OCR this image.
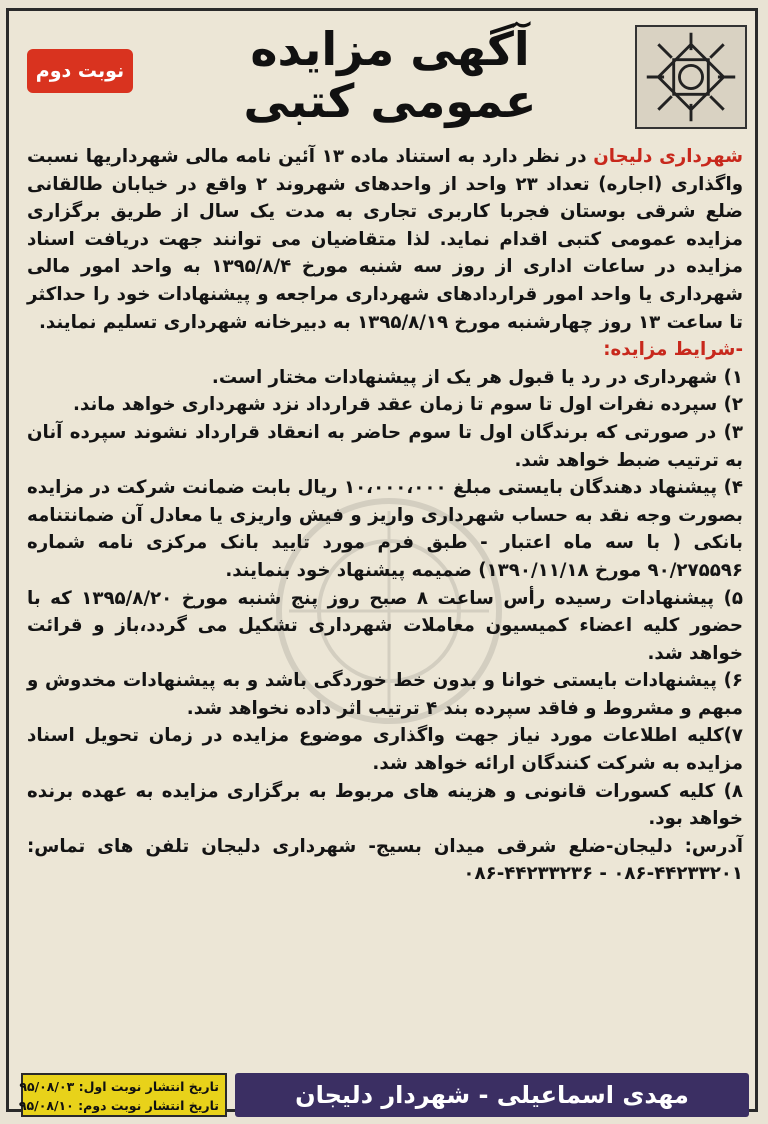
نوبت دوم	آگهی مزایده
عمومی کتبی

شهرداری دلیجان در نظر دارد به استناد ماده ۱۳ آئین نامه مالی شهرداریها نسبت واگذاری (اجاره) تعداد ۲۳ واحد از واحدهای شهروند ۲ واقع در خیابان طالقانی ضلع شرقی بوستان فجربا کاربری تجاری به مدت یک سال از طریق برگزاری مزایده عمومی کتبی اقدام نماید. لذا متقاضیان می توانند جهت دریافت اسناد مزایده در ساعات اداری از روز سه شنبه مورخ ۱۳۹۵/۸/۴ به واحد امور مالی شهرداری یا واحد امور قراردادهای شهرداری مراجعه و پیشنهادات خود را حداکثر تا ساعت ۱۳ روز چهارشنبه مورخ ۱۳۹۵/۸/۱۹ به دبیرخانه شهرداری تسلیم نمایند.

-شرایط مزایده:

۱) شهرداری در رد یا قبول هر یک از پیشنهادات مختار است.

۲) سپرده نفرات اول تا سوم تا زمان عقد قرارداد نزد شهرداری خواهد ماند.

۳) در صورتی که برندگان اول تا سوم حاضر به انعقاد قرارداد نشوند سپرده آنان به ترتیب ضبط خواهد شد.

۴) پیشنهاد دهندگان بایستی مبلغ ۱۰،۰۰۰،۰۰۰ ریال بابت ضمانت شرکت در مزایده بصورت وجه نقد به حساب شهرداری واریز و فیش واریزی یا معادل آن ضمانتنامه بانکی ( با سه ماه اعتبار - طبق فرم مورد تایید بانک مرکزی نامه شماره ۹۰/۲۷۵۵۹۶ مورخ ۱۳۹۰/۱۱/۱۸) ضمیمه پیشنهاد خود بنمایند.

۵) پیشنهادات رسیده رأس ساعت ۸ صبح روز پنج شنبه مورخ ۱۳۹۵/۸/۲۰ که با حضور کلیه اعضاء کمیسیون معاملات شهرداری تشکیل می گردد،باز و قرائت خواهد شد.

۶) پیشنهادات بایستی خوانا و بدون خط خوردگی باشد و به پیشنهادات مخدوش و مبهم و مشروط و فاقد سپرده بند ۴ ترتیب اثر داده نخواهد شد.

۷)کلیه اطلاعات مورد نیاز جهت واگذاری موضوع مزایده در زمان تحویل اسناد مزایده به شرکت کنندگان ارائه خواهد شد.

۸) کلیه کسورات قانونی و هزینه های مربوط به برگزاری مزایده به عهده برنده خواهد بود.

آدرس: دلیجان-ضلع شرقی میدان بسیج- شهرداری دلیجان تلفن های تماس: ۴۴۲۳۳۲۰۱-۰۸۶ - ۴۴۲۳۳۲۳۶-۰۸۶

تاریخ انتشار نوبت اول: ۹۵/۰۸/۰۳
تاریخ انتشار نوبت دوم: ۹۵/۰۸/۱۰	مهدی اسماعیلی - شهردار دلیجان
